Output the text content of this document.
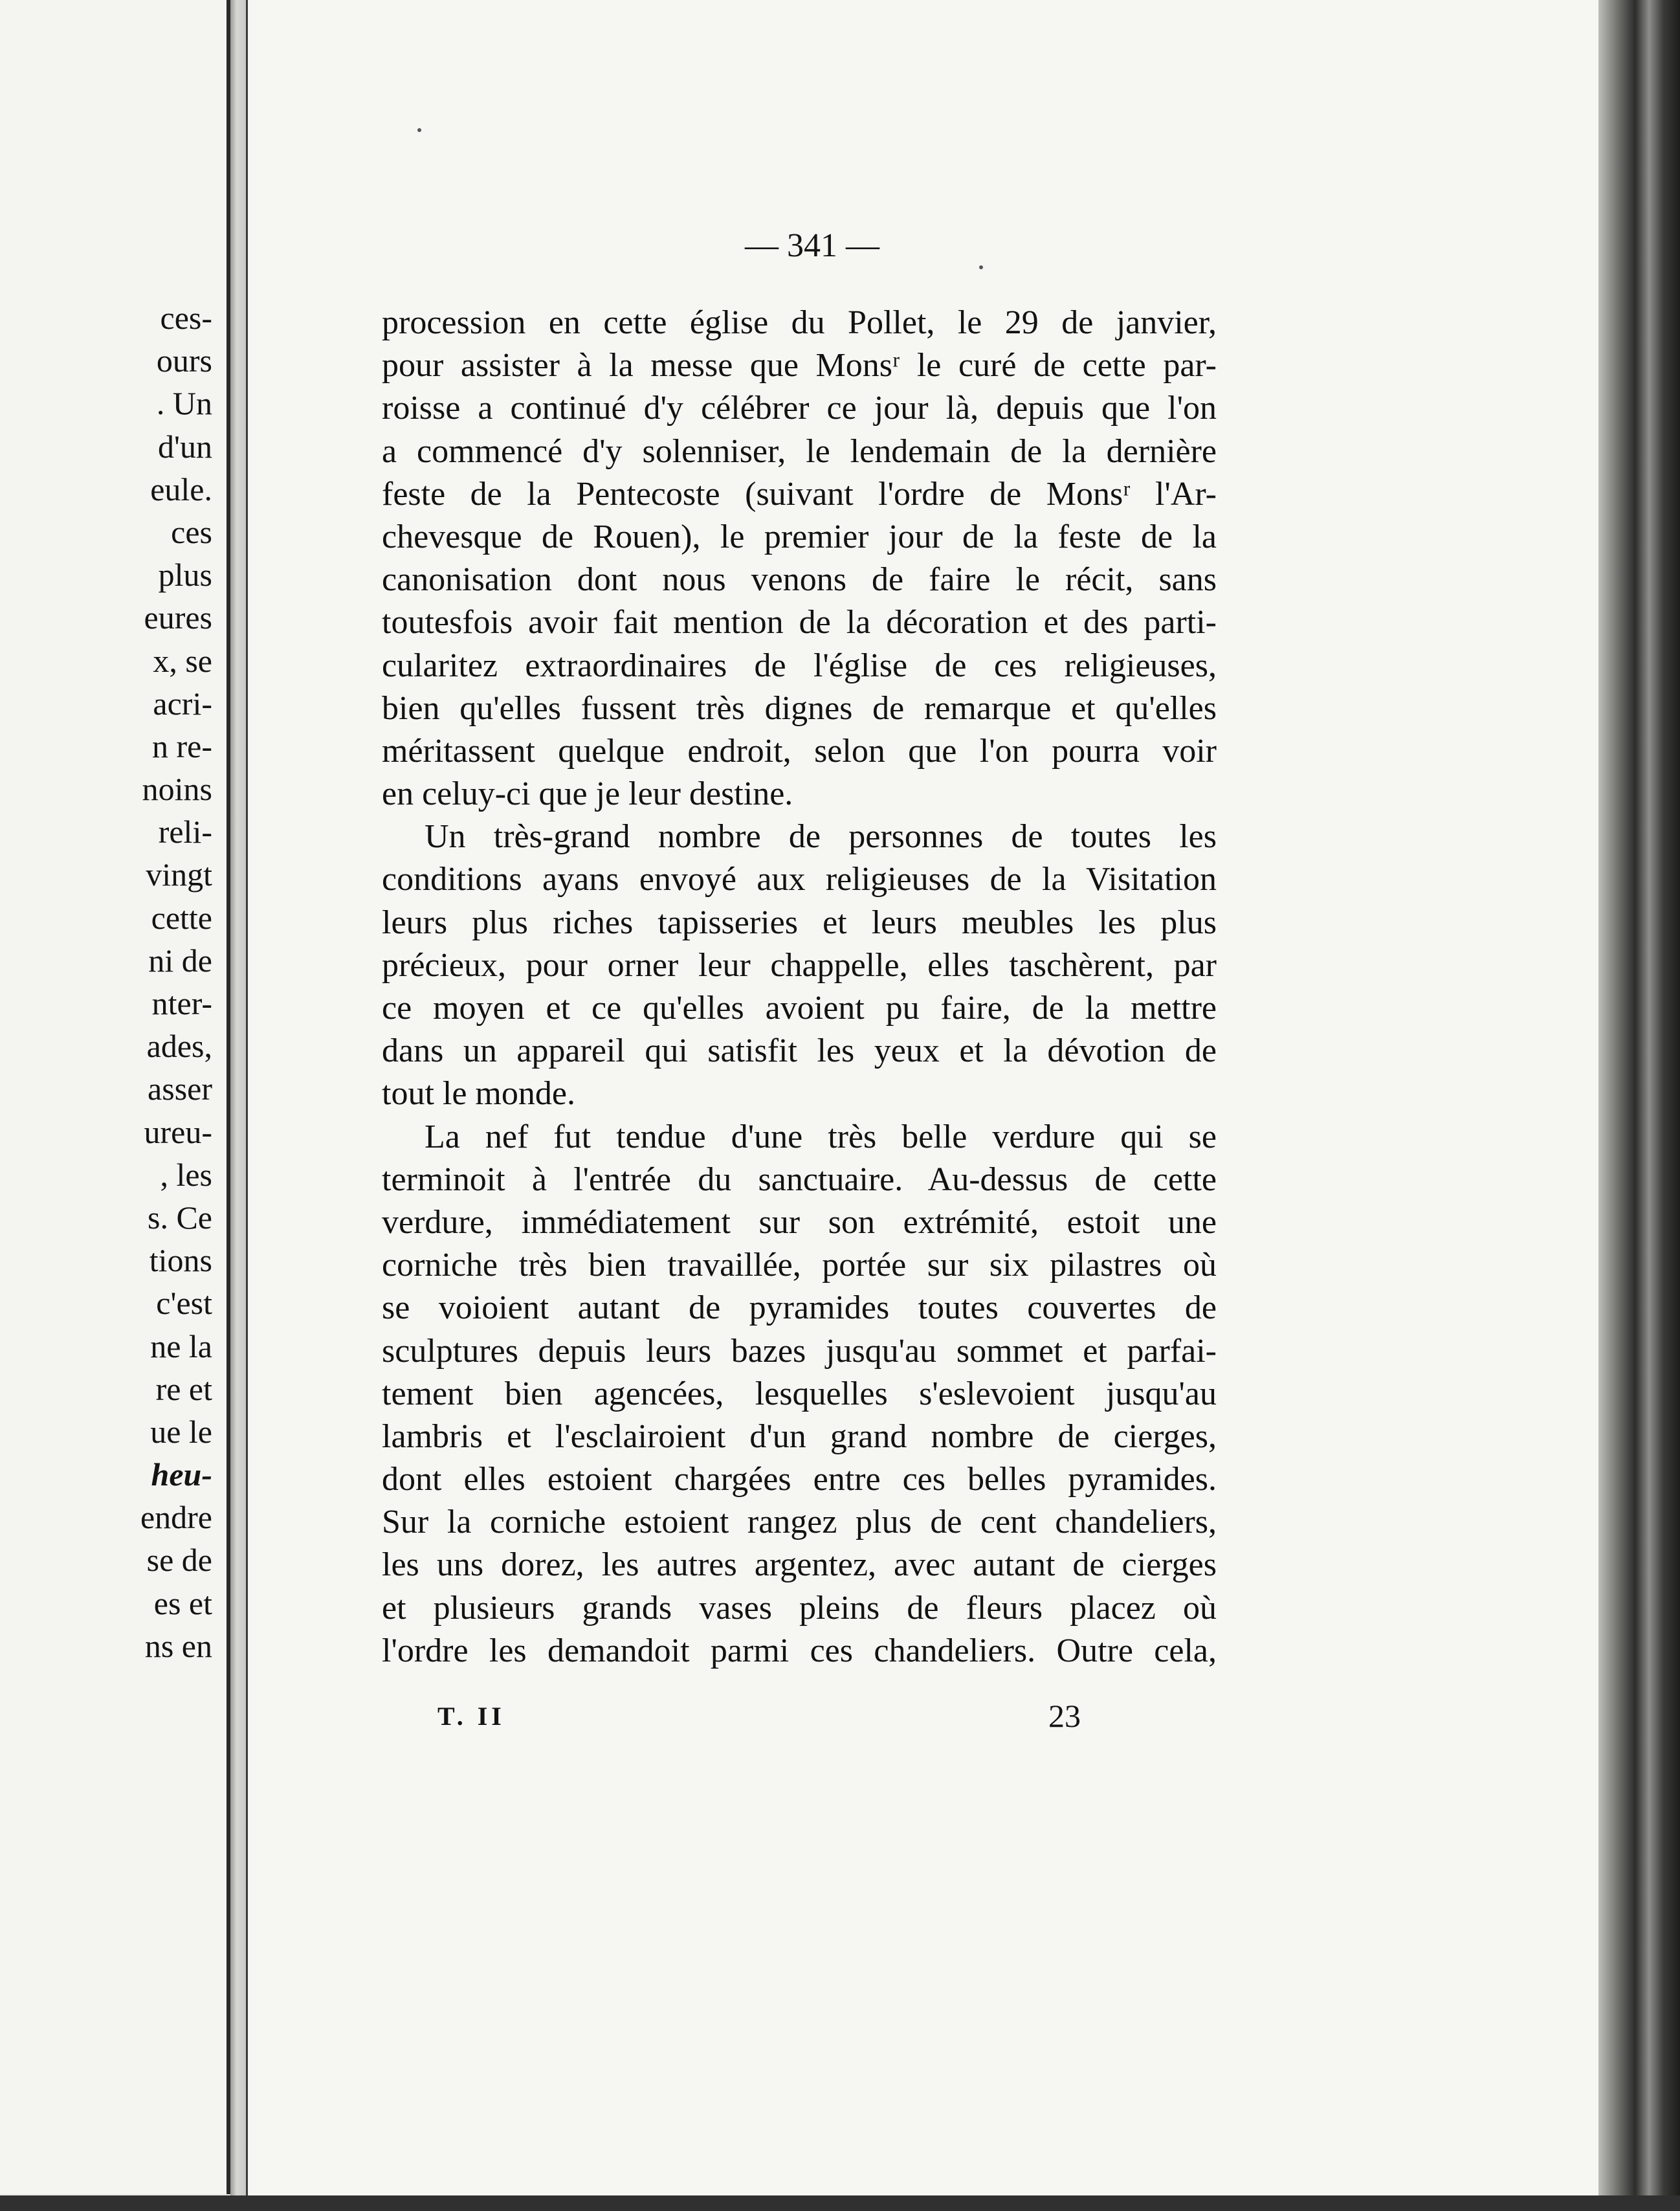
ces-
ours
. Un
d'un
eule.
ces
plus
eures
x, se
acri-
n re-
noins
reli-
vingt
cette
ni de
nter-
ades,
asser
ureu-
, les
s. Ce
tions
c'est
ne la
re et
ue le
heu-
endre
se de
es et
ns en
— 341 —
procession en cette église du Pollet, le 29 de janvier,
pour assister à la messe que Monsʳ le curé de cette par-
roisse a continué d'y célébrer ce jour là, depuis que l'on
a commencé d'y solenniser, le lendemain de la dernière
feste de la Pentecoste (suivant l'ordre de Monsʳ l'Ar-
chevesque de Rouen), le premier jour de la feste de la
canonisation dont nous venons de faire le récit, sans
toutesfois avoir fait mention de la décoration et des parti-
cularitez extraordinaires de l'église de ces religieuses,
bien qu'elles fussent très dignes de remarque et qu'elles
méritassent quelque endroit, selon que l'on pourra voir
en celuy-ci que je leur destine.
Un très-grand nombre de personnes de toutes les
conditions ayans envoyé aux religieuses de la Visitation
leurs plus riches tapisseries et leurs meubles les plus
précieux, pour orner leur chappelle, elles taschèrent, par
ce moyen et ce qu'elles avoient pu faire, de la mettre
dans un appareil qui satisfit les yeux et la dévotion de
tout le monde.
La nef fut tendue d'une très belle verdure qui se
terminoit à l'entrée du sanctuaire. Au-dessus de cette
verdure, immédiatement sur son extrémité, estoit une
corniche très bien travaillée, portée sur six pilastres où
se voioient autant de pyramides toutes couvertes de
sculptures depuis leurs bazes jusqu'au sommet et parfai-
tement bien agencées, lesquelles s'eslevoient jusqu'au
lambris et l'esclairoient d'un grand nombre de cierges,
dont elles estoient chargées entre ces belles pyramides.
Sur la corniche estoient rangez plus de cent chandeliers,
les uns dorez, les autres argentez, avec autant de cierges
et plusieurs grands vases pleins de fleurs placez où
l'ordre les demandoit parmi ces chandeliers. Outre cela,
T. II	23
